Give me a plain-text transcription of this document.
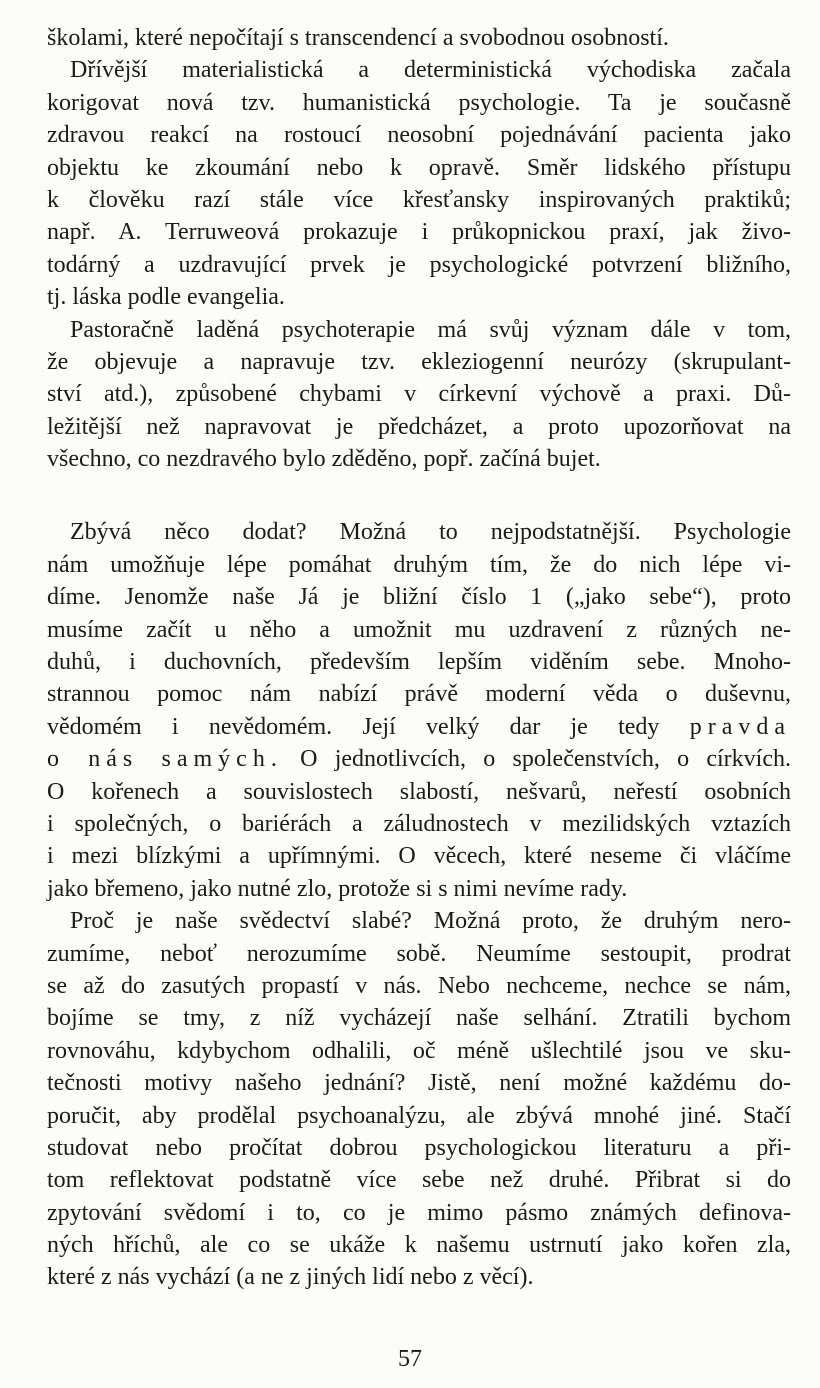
školami, které nepočítají s transcendencí a svobodnou osobností.
Dřívější materialistická a deterministická východiska začala
korigovat nová tzv. humanistická psychologie. Ta je současně
zdravou reakcí na rostoucí neosobní pojednávání pacienta jako
objektu ke zkoumání nebo k opravě. Směr lidského přístupu
k člověku razí stále více křesťansky inspirovaných praktiků;
např. A. Terruweová prokazuje i průkopnickou praxí, jak živo-
todárný a uzdravující prvek je psychologické potvrzení bližního,
tj. láska podle evangelia.
Pastoračně laděná psychoterapie má svůj význam dále v tom,
že objevuje a napravuje tzv. ekleziogenní neurózy (skrupulant-
ství atd.), způsobené chybami v církevní výchově a praxi. Dů-
ležitější než napravovat je předcházet, a proto upozorňovat na
všechno, co nezdravého bylo zděděno, popř. začíná bujet.
Zbývá něco dodat? Možná to nejpodstatnější. Psychologie
nám umožňuje lépe pomáhat druhým tím, že do nich lépe vi-
díme. Jenomže naše Já je bližní číslo 1 („jako sebe“), proto
musíme začít u něho a umožnit mu uzdravení z různých ne-
duhů, i duchovních, především lepším viděním sebe. Mnoho-
strannou pomoc nám nabízí právě moderní věda o duševnu,
vědomém i nevědomém. Její velký dar je tedy pravda
o nás samých. O jednotlivcích, o společenstvích, o církvích.
O kořenech a souvislostech slabostí, nešvarů, neřestí osobních
i společných, o bariérách a záludnostech v mezilidských vztazích
i mezi blízkými a upřímnými. O věcech, které neseme či vláčíme
jako břemeno, jako nutné zlo, protože si s nimi nevíme rady.
Proč je naše svědectví slabé? Možná proto, že druhým nero-
zumíme, neboť nerozumíme sobě. Neumíme sestoupit, prodrat
se až do zasutých propastí v nás. Nebo nechceme, nechce se nám,
bojíme se tmy, z níž vycházejí naše selhání. Ztratili bychom
rovnováhu, kdybychom odhalili, oč méně ušlechtilé jsou ve sku-
tečnosti motivy našeho jednání? Jistě, není možné každému do-
poručit, aby prodělal psychoanalýzu, ale zbývá mnohé jiné. Stačí
studovat nebo pročítat dobrou psychologickou literaturu a při-
tom reflektovat podstatně více sebe než druhé. Přibrat si do
zpytování svědomí i to, co je mimo pásmo známých definova-
ných hříchů, ale co se ukáže k našemu ustrnutí jako kořen zla,
které z nás vychází (a ne z jiných lidí nebo z věcí).
57
